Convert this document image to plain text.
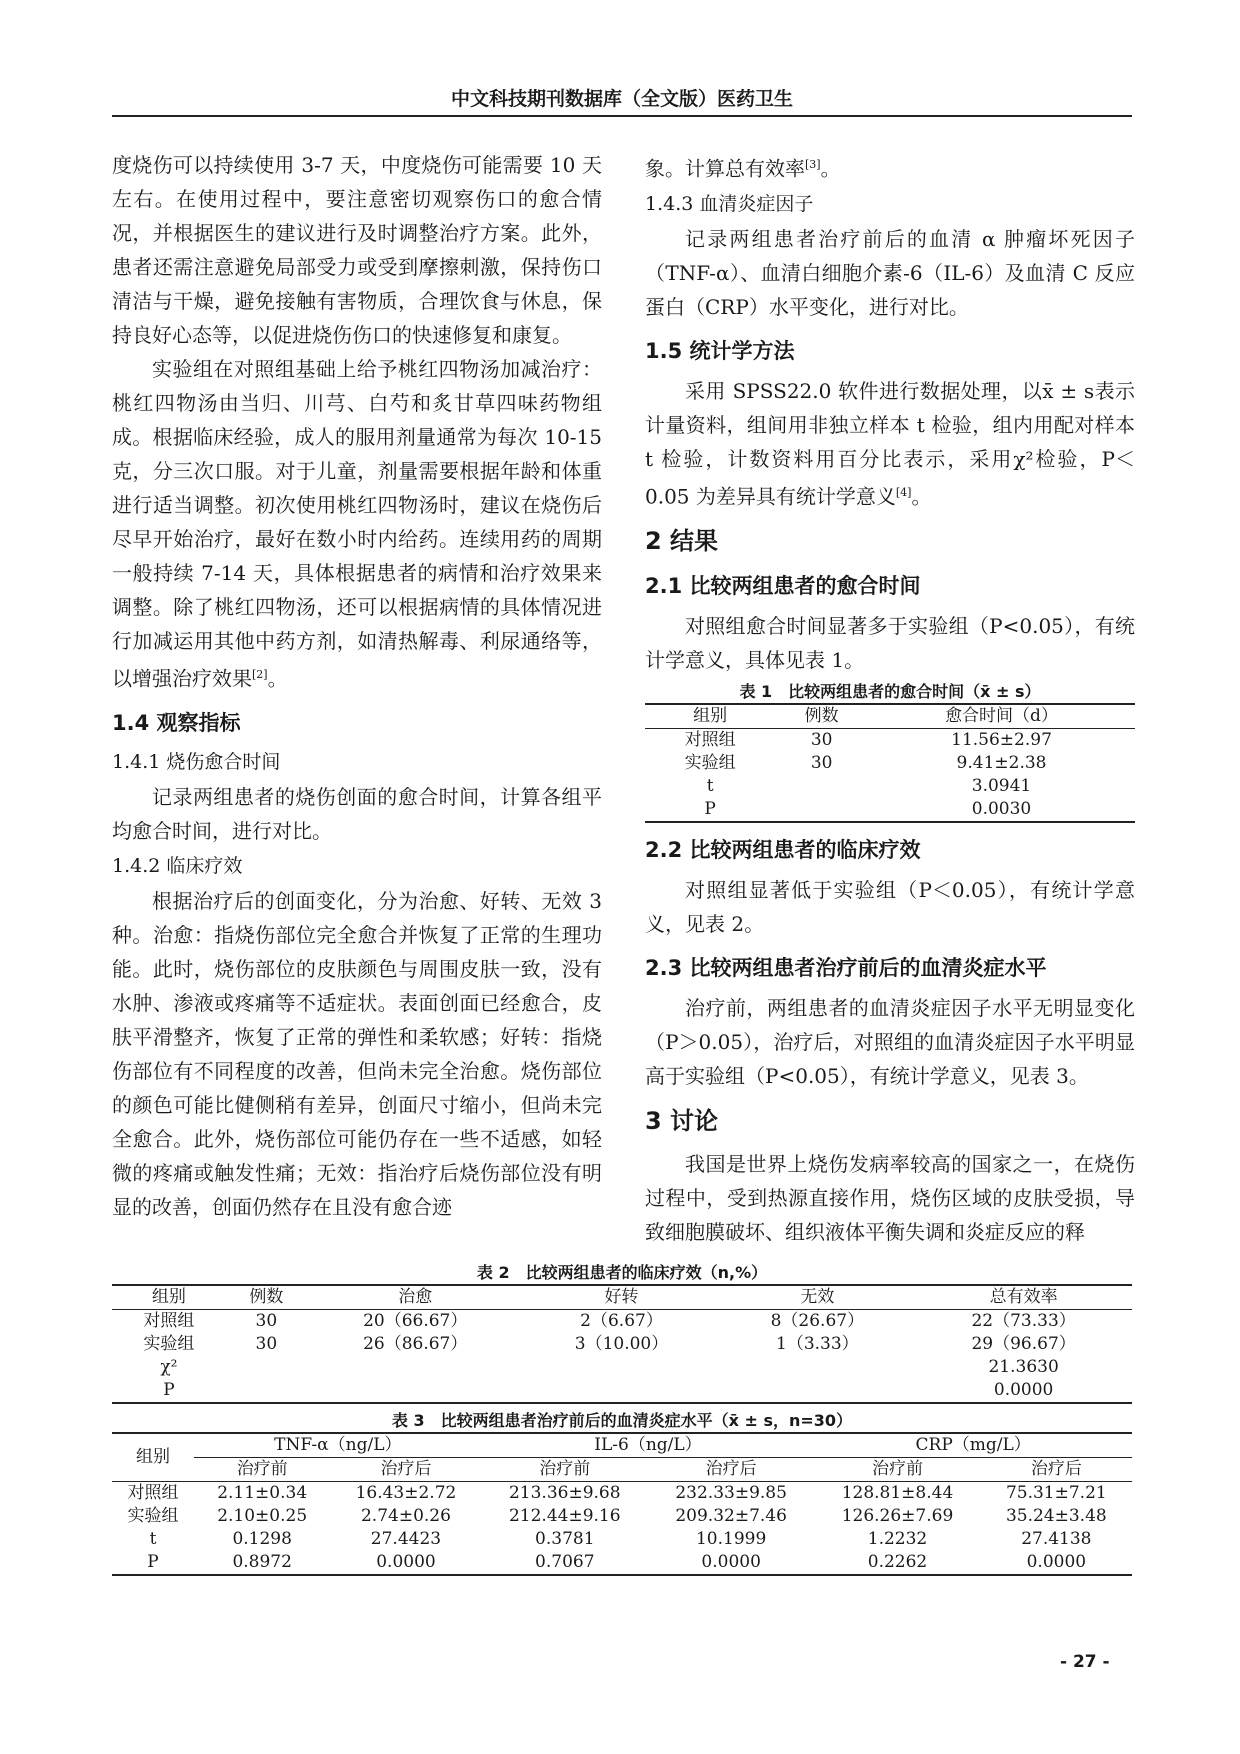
中文科技期刊数据库（全文版）医药卫生

度烧伤可以持续使用 3-7 天，中度烧伤可能需要 10 天左右。在使用过程中，要注意密切观察伤口的愈合情况，并根据医生的建议进行及时调整治疗方案。此外，患者还需注意避免局部受力或受到摩擦刺激，保持伤口清洁与干燥，避免接触有害物质，合理饮食与休息，保持良好心态等，以促进烧伤伤口的快速修复和康复。

实验组在对照组基础上给予桃红四物汤加减治疗：桃红四物汤由当归、川芎、白芍和炙甘草四味药物组成。根据临床经验，成人的服用剂量通常为每次 10-15 克，分三次口服。对于儿童，剂量需要根据年龄和体重进行适当调整。初次使用桃红四物汤时，建议在烧伤后尽早开始治疗，最好在数小时内给药。连续用药的周期一般持续 7-14 天，具体根据患者的病情和治疗效果来调整。除了桃红四物汤，还可以根据病情的具体情况进行加减运用其他中药方剂，如清热解毒、利尿通络等，以增强治疗效果[2]。

1.4 观察指标
1.4.1 烧伤愈合时间

记录两组患者的烧伤创面的愈合时间，计算各组平均愈合时间，进行对比。

1.4.2 临床疗效

根据治疗后的创面变化，分为治愈、好转、无效 3 种。治愈：指烧伤部位完全愈合并恢复了正常的生理功能。此时，烧伤部位的皮肤颜色与周围皮肤一致，没有水肿、渗液或疼痛等不适症状。表面创面已经愈合，皮肤平滑整齐，恢复了正常的弹性和柔软感；好转：指烧伤部位有不同程度的改善，但尚未完全治愈。烧伤部位的颜色可能比健侧稍有差异，创面尺寸缩小，但尚未完全愈合。此外，烧伤部位可能仍存在一些不适感，如轻微的疼痛或触发性痛；无效：指治疗后烧伤部位没有明显的改善，创面仍然存在且没有愈合迹

象。计算总有效率[3]。

1.4.3 血清炎症因子

记录两组患者治疗前后的血清 α 肿瘤坏死因子（TNF-α）、血清白细胞介素-6（IL-6）及血清 C 反应蛋白（CRP）水平变化，进行对比。

1.5 统计学方法

采用 SPSS22.0 软件进行数据处理，以x̄ ± s表示计量资料，组间用非独立样本 t 检验，组内用配对样本 t 检验，计数资料用百分比表示，采用χ²检验，P＜0.05 为差异具有统计学意义[4]。

2 结果
2.1 比较两组患者的愈合时间

对照组愈合时间显著多于实验组（P<0.05），有统计学意义，具体见表 1。

表 1　比较两组患者的愈合时间（x̄ ± s）
组别	例数	愈合时间（d）
对照组	30	11.56±2.97
实验组	30	9.41±2.38
t		3.0941
P		0.0030
2.2 比较两组患者的临床疗效

对照组显著低于实验组（P＜0.05），有统计学意义，见表 2。

2.3 比较两组患者治疗前后的血清炎症水平

治疗前，两组患者的血清炎症因子水平无明显变化（P＞0.05），治疗后，对照组的血清炎症因子水平明显高于实验组（P<0.05），有统计学意义，见表 3。

3 讨论

我国是世界上烧伤发病率较高的国家之一，在烧伤过程中，受到热源直接作用，烧伤区域的皮肤受损，导致细胞膜破坏、组织液体平衡失调和炎症反应的释

表 2　比较两组患者的临床疗效（n,%）
组别	例数	治愈	好转	无效	总有效率
对照组	30	20（66.67）	2（6.67）	8（26.67）	22（73.33）
实验组	30	26（86.67）	3（10.00）	1（3.33）	29（96.67）
χ²					21.3630
P					0.0000
表 3　比较两组患者治疗前后的血清炎症水平（x̄ ± s，n=30）
组别	TNF-α（ng/L）		IL-6（ng/L）		CRP（mg/L）	
	治疗前	治疗后	治疗前	治疗后	治疗前	治疗后
对照组	2.11±0.34	16.43±2.72	213.36±9.68	232.33±9.85	128.81±8.44	75.31±7.21
实验组	2.10±0.25	2.74±0.26	212.44±9.16	209.32±7.46	126.26±7.69	35.24±3.48
t	0.1298	27.4423	0.3781	10.1999	1.2232	27.4138
P	0.8972	0.0000	0.7067	0.0000	0.2262	0.0000
- 27 -
